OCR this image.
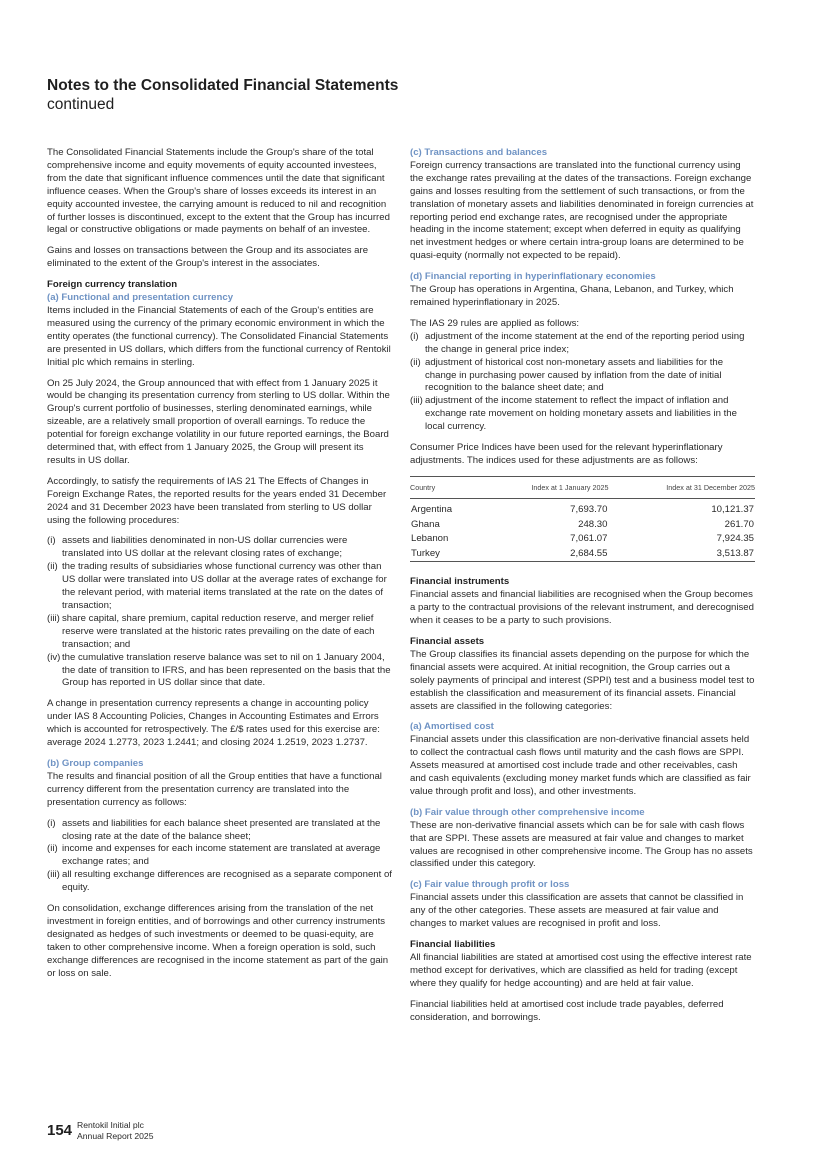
Notes to the Consolidated Financial Statements
continued

The Consolidated Financial Statements include the Group's share of the total comprehensive income and equity movements of equity accounted investees, from the date that significant influence commences until the date that significant influence ceases. When the Group's share of losses exceeds its interest in an equity accounted investee, the carrying amount is reduced to nil and recognition of further losses is discontinued, except to the extent that the Group has incurred legal or constructive obligations or made payments on behalf of an investee.

Gains and losses on transactions between the Group and its associates are eliminated to the extent of the Group's interest in the associates.

Foreign currency translation

(a) Functional and presentation currency

Items included in the Financial Statements of each of the Group's entities are measured using the currency of the primary economic environment in which the entity operates (the functional currency). The Consolidated Financial Statements are presented in US dollars, which differs from the functional currency of Rentokil Initial plc which remains in sterling.

On 25 July 2024, the Group announced that with effect from 1 January 2025 it would be changing its presentation currency from sterling to US dollar. Within the Group's current portfolio of businesses, sterling denominated earnings, while sizeable, are a relatively small proportion of overall earnings. To reduce the potential for foreign exchange volatility in our future reported earnings, the Board determined that, with effect from 1 January 2025, the Group will present its results in US dollar.

Accordingly, to satisfy the requirements of IAS 21 The Effects of Changes in Foreign Exchange Rates, the reported results for the years ended 31 December 2024 and 31 December 2023 have been translated from sterling to US dollar using the following procedures:

(i) assets and liabilities denominated in non-US dollar currencies were translated into US dollar at the relevant closing rates of exchange;
(ii) the trading results of subsidiaries whose functional currency was other than US dollar were translated into US dollar at the average rates of exchange for the relevant period, with material items translated at the rate on the dates of transaction;
(iii) share capital, share premium, capital reduction reserve, and merger relief reserve were translated at the historic rates prevailing on the date of each transaction; and
(iv) the cumulative translation reserve balance was set to nil on 1 January 2004, the date of transition to IFRS, and has been represented on the basis that the Group has reported in US dollar since that date.

A change in presentation currency represents a change in accounting policy under IAS 8 Accounting Policies, Changes in Accounting Estimates and Errors which is accounted for retrospectively. The £/$ rates used for this exercise are: average 2024 1.2773, 2023 1.2441; and closing 2024 1.2519, 2023 1.2737.

(b) Group companies

The results and financial position of all the Group entities that have a functional currency different from the presentation currency are translated into the presentation currency as follows:

(i) assets and liabilities for each balance sheet presented are translated at the closing rate at the date of the balance sheet;
(ii) income and expenses for each income statement are translated at average exchange rates; and
(iii) all resulting exchange differences are recognised as a separate component of equity.

On consolidation, exchange differences arising from the translation of the net investment in foreign entities, and of borrowings and other currency instruments designated as hedges of such investments or deemed to be quasi-equity, are taken to other comprehensive income. When a foreign operation is sold, such exchange differences are recognised in the income statement as part of the gain or loss on sale.

(c) Transactions and balances

Foreign currency transactions are translated into the functional currency using the exchange rates prevailing at the dates of the transactions. Foreign exchange gains and losses resulting from the settlement of such transactions, or from the translation of monetary assets and liabilities denominated in foreign currencies at reporting period end exchange rates, are recognised under the appropriate heading in the income statement; except when deferred in equity as qualifying net investment hedges or where certain intra-group loans are determined to be quasi-equity (normally not expected to be repaid).

(d) Financial reporting in hyperinflationary economies

The Group has operations in Argentina, Ghana, Lebanon, and Turkey, which remained hyperinflationary in 2025.

The IAS 29 rules are applied as follows:

(i) adjustment of the income statement at the end of the reporting period using the change in general price index;
(ii) adjustment of historical cost non-monetary assets and liabilities for the change in purchasing power caused by inflation from the date of initial recognition to the balance sheet date; and
(iii) adjustment of the income statement to reflect the impact of inflation and exchange rate movement on holding monetary assets and liabilities in the local currency.

Consumer Price Indices have been used for the relevant hyperinflationary adjustments. The indices used for these adjustments are as follows:

Country	Index at 1 January 2025	Index at 31 December 2025
Argentina	7,693.70	10,121.37
Ghana	248.30	261.70
Lebanon	7,061.07	7,924.35
Turkey	2,684.55	3,513.87

Financial instruments

Financial assets and financial liabilities are recognised when the Group becomes a party to the contractual provisions of the relevant instrument, and derecognised when it ceases to be a party to such provisions.

Financial assets

The Group classifies its financial assets depending on the purpose for which the financial assets were acquired. At initial recognition, the Group carries out a solely payments of principal and interest (SPPI) test and a business model test to establish the classification and measurement of its financial assets. Financial assets are classified in the following categories:

(a) Amortised cost

Financial assets under this classification are non-derivative financial assets held to collect the contractual cash flows until maturity and the cash flows are SPPI. Assets measured at amortised cost include trade and other receivables, cash and cash equivalents (excluding money market funds which are classified as fair value through profit and loss), and other investments.

(b) Fair value through other comprehensive income

These are non-derivative financial assets which can be for sale with cash flows that are SPPI. These assets are measured at fair value and changes to market values are recognised in other comprehensive income. The Group has no assets classified under this category.

(c) Fair value through profit or loss

Financial assets under this classification are assets that cannot be classified in any of the other categories. These assets are measured at fair value and changes to market values are recognised in profit and loss.

Financial liabilities

All financial liabilities are stated at amortised cost using the effective interest rate method except for derivatives, which are classified as held for trading (except where they qualify for hedge accounting) and are held at fair value.

Financial liabilities held at amortised cost include trade payables, deferred consideration, and borrowings.

154 Rentokil Initial plc
Annual Report 2025
